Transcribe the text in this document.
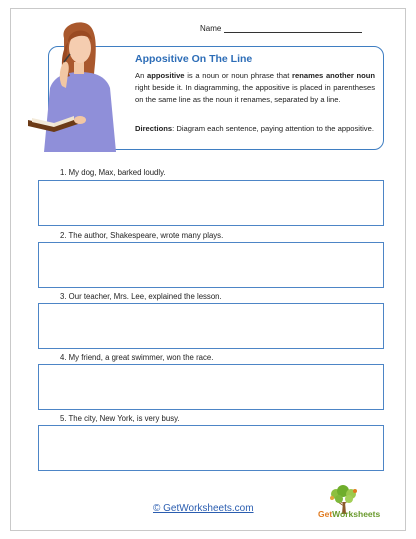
Name
Appositive On The Line
An appositive is a noun or noun phrase that renames another noun right beside it. In diagramming, the appositive is placed in parentheses on the same line as the noun it renames, separated by a line.
Directions: Diagram each sentence, paying attention to the appositive.
1. My dog, Max, barked loudly.
2. The author, Shakespeare, wrote many plays.
3. Our teacher, Mrs. Lee, explained the lesson.
4. My friend, a great swimmer, won the race.
5. The city, New York, is very busy.
© GetWorksheets.com	GetWorksheets
